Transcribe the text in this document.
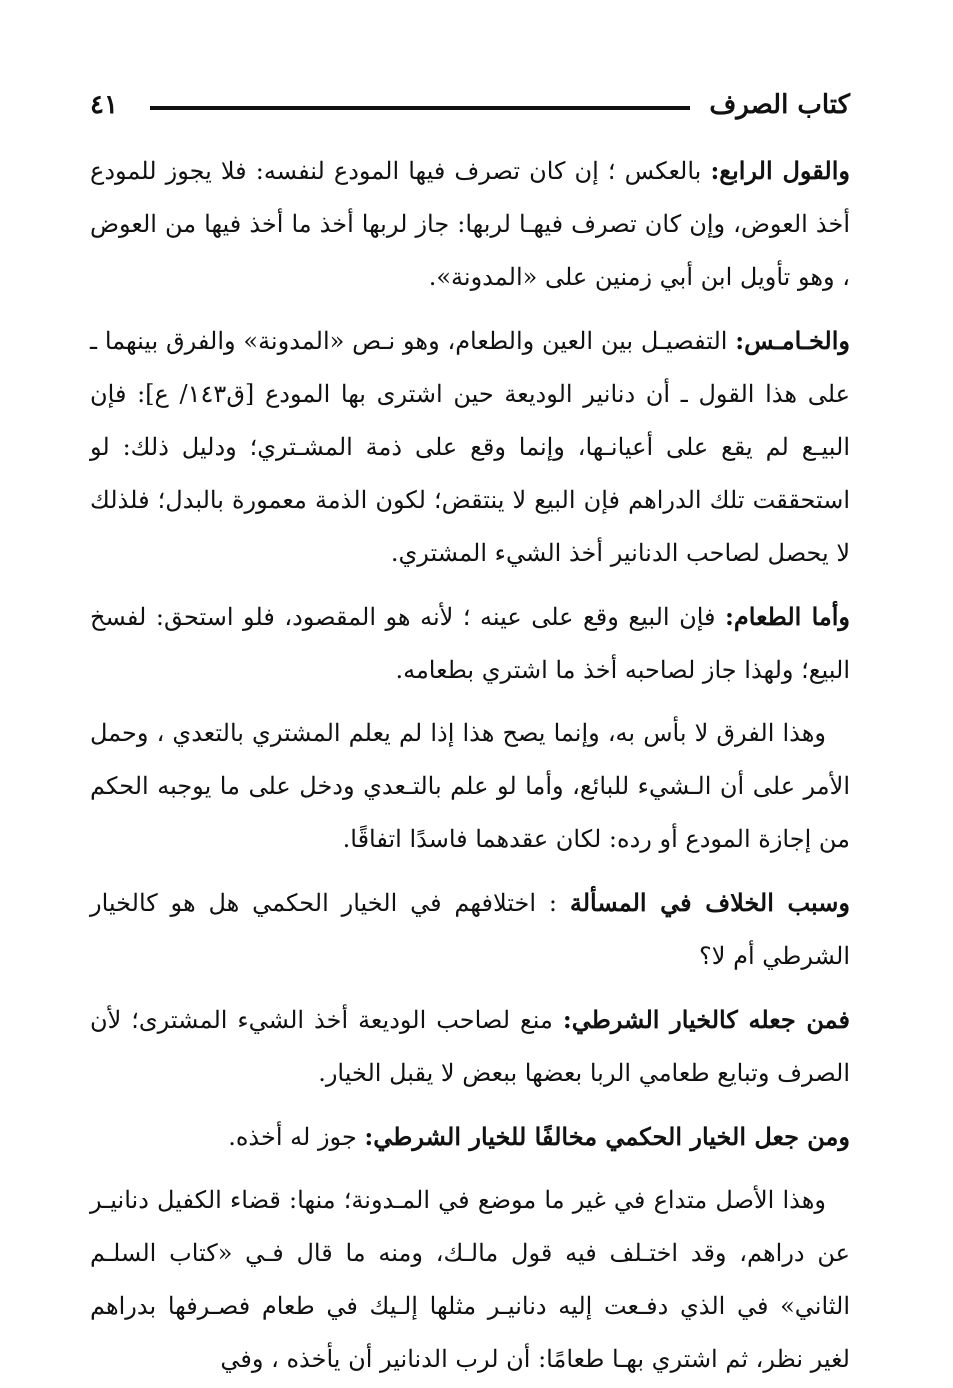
كتاب الصرف
٤١

والقول الرابع: بالعكس ؛ إن كان تصرف فيها المودع لنفسه: فلا يجوز للمودع أخذ العوض، وإن كان تصرف فيهـا لربها: جاز لربها أخذ ما أخذ فيها من العوض ، وهو تأويل ابن أبي زمنين على «المدونة».

والخـامـس: التفصيـل بين العين والطعام، وهو نـص «المدونة» والفرق بينهما ـ على هذا القول ـ أن دنانير الوديعة حين اشترى بها المودع [ق١٤٣/ ع]: فإن البيـع لم يقع على أعيانـها، وإنما وقع على ذمة المشـتري؛ ودليل ذلك: لو استحققت تلك الدراهم فإن البيع لا ينتقض؛ لكون الذمة معمورة بالبدل؛ فلذلك لا يحصل لصاحب الدنانير أخذ الشيء المشتري.

وأما الطعام: فإن البيع وقع على عينه ؛ لأنه هو المقصود، فلو استحق: لفسخ البيع؛ ولهذا جاز لصاحبه أخذ ما اشتري بطعامه.

وهذا الفرق لا بأس به، وإنما يصح هذا إذا لم يعلم المشتري بالتعدي ، وحمل الأمر على أن الـشيء للبائع، وأما لو علم بالتـعدي ودخل على ما يوجبه الحكم من إجازة المودع أو رده: لكان عقدهما فاسدًا اتفاقًا.

وسبب الخلاف في المسألة : اختلافهم في الخيار الحكمي هل هو كالخيار الشرطي أم لا؟

فمن جعله كالخيار الشرطي: منع لصاحب الوديعة أخذ الشيء المشترى؛ لأن الصرف وتبايع طعامي الربا بعضها ببعض لا يقبل الخيار.

ومن جعل الخيار الحكمي مخالفًا للخيار الشرطي: جوز له أخذه.

وهذا الأصل متداع في غير ما موضع في المـدونة؛ منها: قضاء الكفيل دنانيـر عن دراهم، وقد اختـلف فيه قول مالـك، ومنه ما قال فـي «كتاب السلـم الثاني» في الذي دفـعت إليه دنانيـر مثلها إلـيك في طعام فصـرفها بدراهم لغير نظر، ثم اشتري بهـا طعامًا: أن لرب الدنانير أن يأخذه ، وفي
